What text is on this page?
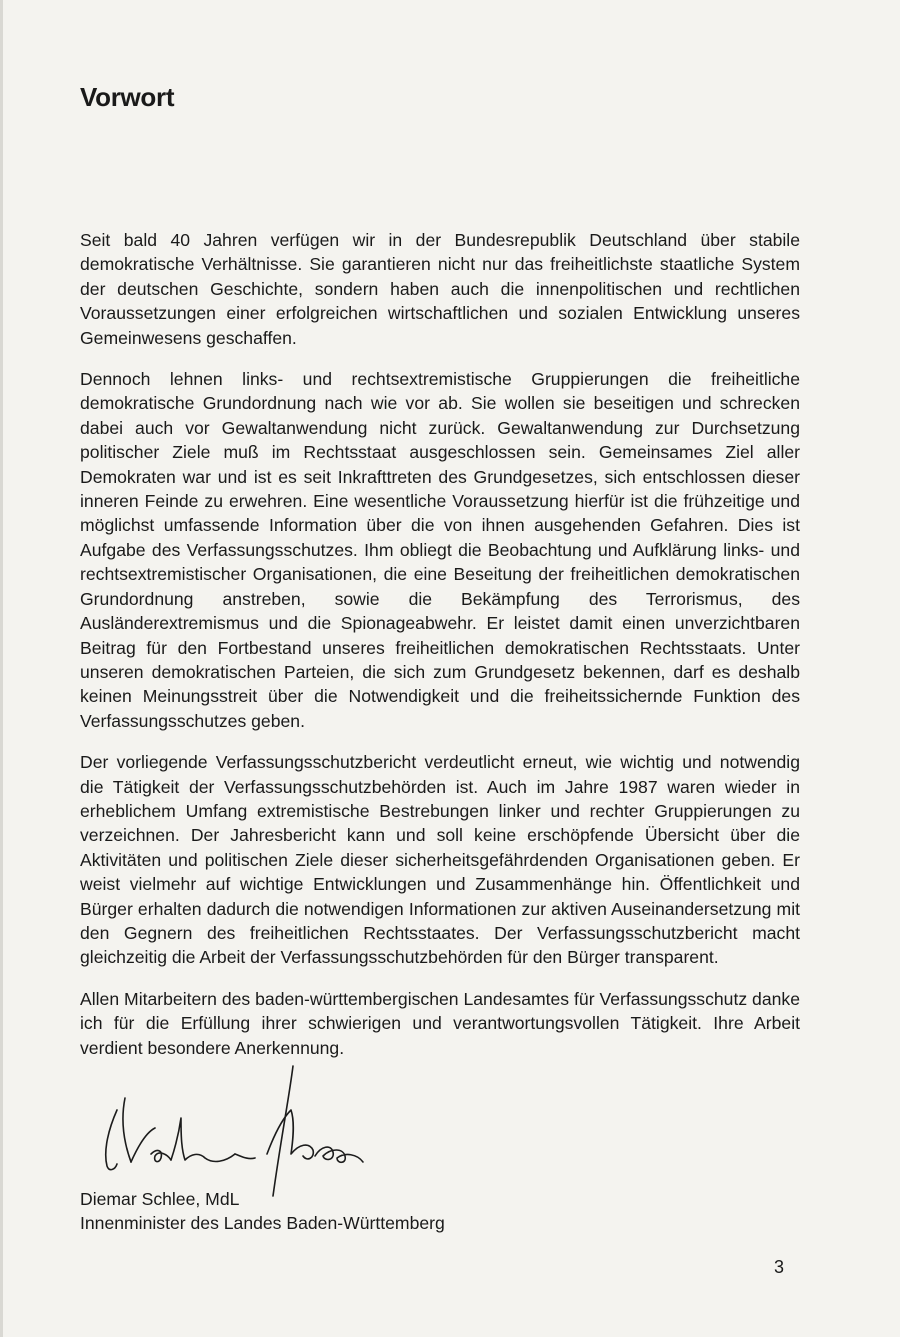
Vorwort

Seit bald 40 Jahren verfügen wir in der Bundesrepublik Deutschland über stabile demokratische Verhältnisse. Sie garantieren nicht nur das freiheitlichste staatliche System der deutschen Geschichte, sondern haben auch die innenpolitischen und rechtlichen Voraussetzungen einer erfolgreichen wirtschaftlichen und sozialen Entwicklung unseres Gemeinwesens geschaffen.

Dennoch lehnen links- und rechtsextremistische Gruppierungen die freiheitliche demokratische Grundordnung nach wie vor ab. Sie wollen sie beseitigen und schrecken dabei auch vor Gewaltanwendung nicht zurück. Gewaltanwendung zur Durchsetzung politischer Ziele muß im Rechtsstaat ausgeschlossen sein. Gemeinsames Ziel aller Demokraten war und ist es seit Inkrafttreten des Grundgesetzes, sich entschlossen dieser inneren Feinde zu erwehren. Eine wesentliche Voraussetzung hierfür ist die frühzeitige und möglichst umfassende Information über die von ihnen ausgehenden Gefahren. Dies ist Aufgabe des Verfassungsschutzes. Ihm obliegt die Beobachtung und Aufklärung links- und rechtsextremistischer Organisationen, die eine Beseitung der freiheitlichen demokratischen Grundordnung anstreben, sowie die Bekämpfung des Terrorismus, des Ausländerextremismus und die Spionageabwehr. Er leistet damit einen unverzichtbaren Beitrag für den Fortbestand unseres freiheitlichen demokratischen Rechtsstaats. Unter unseren demokratischen Parteien, die sich zum Grundgesetz bekennen, darf es deshalb keinen Meinungsstreit über die Notwendigkeit und die freiheitssichernde Funktion des Verfassungsschutzes geben.

Der vorliegende Verfassungsschutzbericht verdeutlicht erneut, wie wichtig und notwendig die Tätigkeit der Verfassungsschutzbehörden ist. Auch im Jahre 1987 waren wieder in erheblichem Umfang extremistische Bestrebungen linker und rechter Gruppierungen zu verzeichnen. Der Jahresbericht kann und soll keine erschöpfende Übersicht über die Aktivitäten und politischen Ziele dieser sicherheitsgefährdenden Organisationen geben. Er weist vielmehr auf wichtige Entwicklungen und Zusammenhänge hin. Öffentlichkeit und Bürger erhalten dadurch die notwendigen Informationen zur aktiven Auseinandersetzung mit den Gegnern des freiheitlichen Rechtsstaates. Der Verfassungsschutzbericht macht gleichzeitig die Arbeit der Verfassungsschutzbehörden für den Bürger transparent.

Allen Mitarbeitern des baden-württembergischen Landesamtes für Verfassungsschutz danke ich für die Erfüllung ihrer schwierigen und verantwortungsvollen Tätigkeit. Ihre Arbeit verdient besondere Anerkennung.

Diemar Schlee, MdL
Innenminister des Landes Baden-Württemberg
3
